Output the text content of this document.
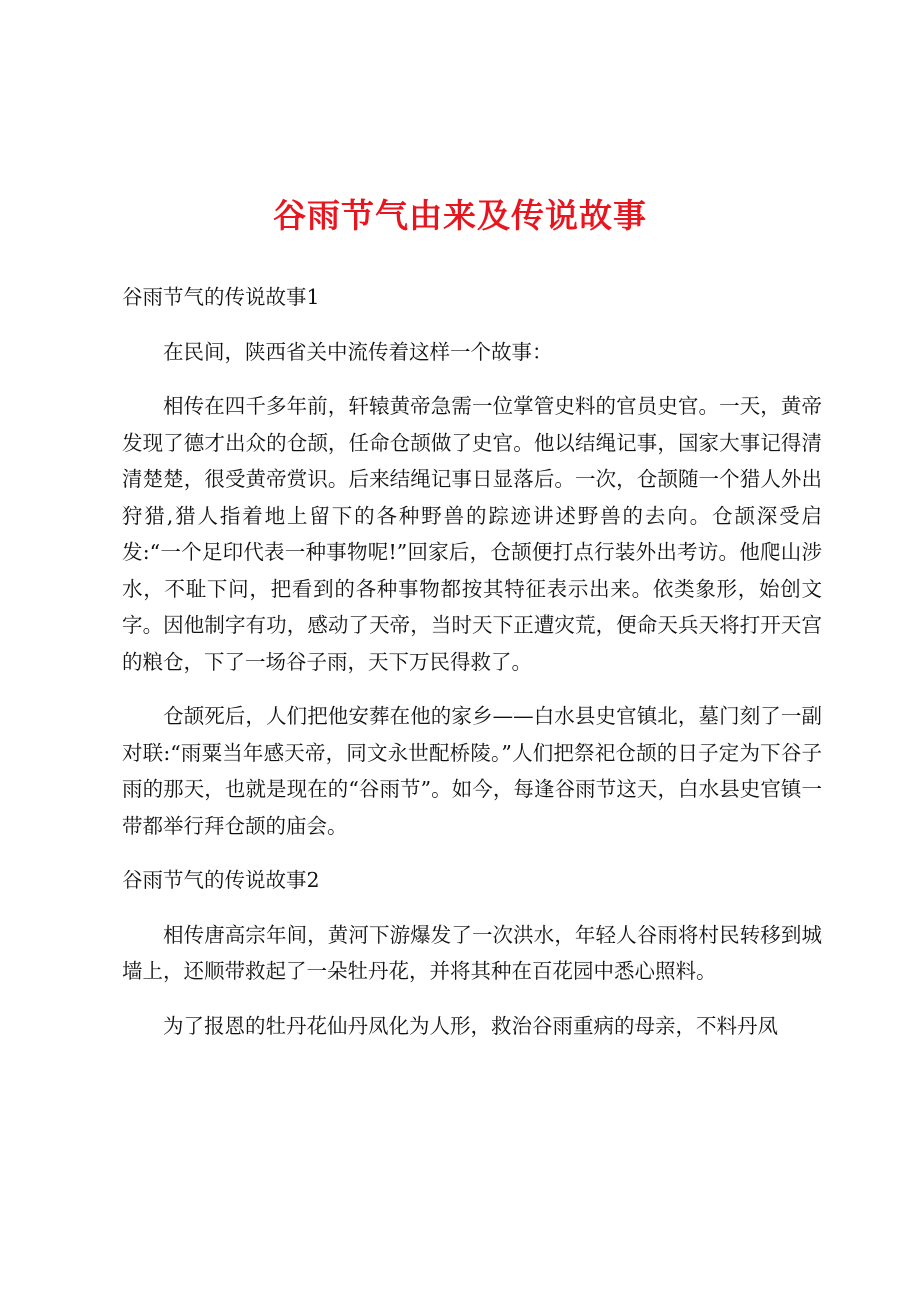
谷雨节气由来及传说故事
谷雨节气的传说故事1

在民间，陕西省关中流传着这样一个故事：

相传在四千多年前，轩辕黄帝急需一位掌管史料的官员史官。一天，黄帝发现了德才出众的仓颉，任命仓颉做了史官。他以结绳记事，国家大事记得清清楚楚，很受黄帝赏识。后来结绳记事日显落后。一次，仓颉随一个猎人外出狩猎,猎人指着地上留下的各种野兽的踪迹讲述野兽的去向。仓颉深受启发:“一个足印代表一种事物呢!”回家后，仓颉便打点行装外出考访。他爬山涉水，不耻下问，把看到的各种事物都按其特征表示出来。依类象形，始创文字。因他制字有功，感动了天帝，当时天下正遭灾荒，便命天兵天将打开天宫的粮仓，下了一场谷子雨，天下万民得救了。

仓颉死后，人们把他安葬在他的家乡——白水县史官镇北，墓门刻了一副对联:“雨粟当年感天帝，同文永世配桥陵。”人们把祭祀仓颉的日子定为下谷子雨的那天，也就是现在的“谷雨节”。如今，每逢谷雨节这天，白水县史官镇一带都举行拜仓颉的庙会。

谷雨节气的传说故事2

相传唐高宗年间，黄河下游爆发了一次洪水，年轻人谷雨将村民转移到城墙上，还顺带救起了一朵牡丹花，并将其种在百花园中悉心照料。

为了报恩的牡丹花仙丹凤化为人形，救治谷雨重病的母亲，不料丹凤
